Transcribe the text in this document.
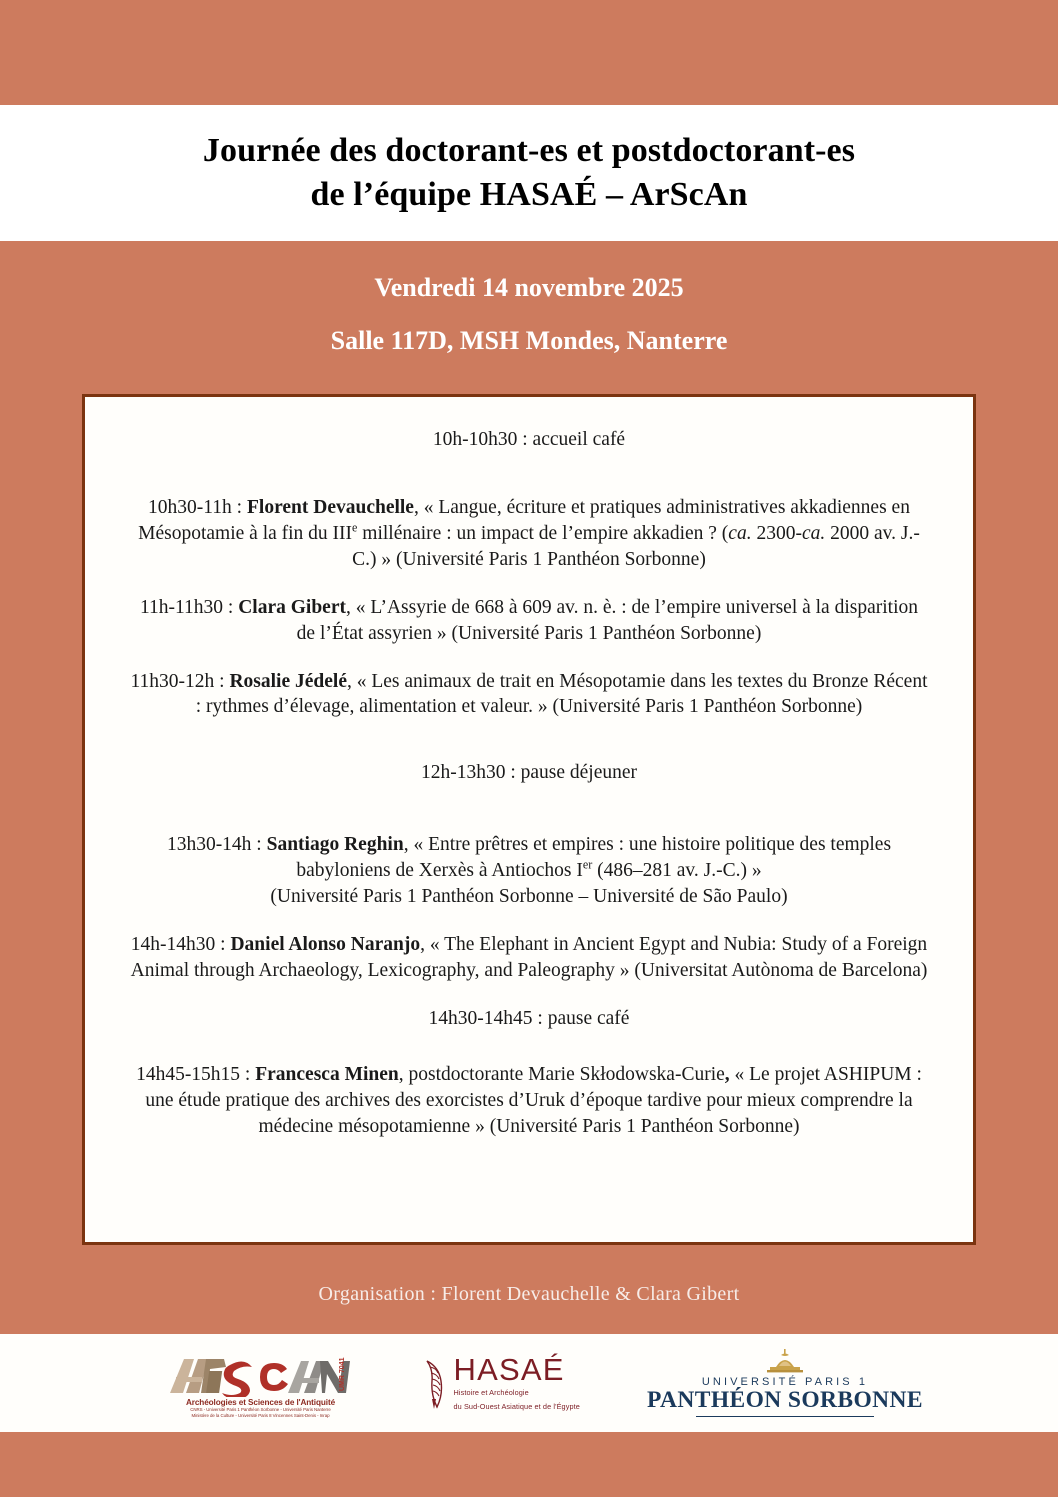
Journée des doctorant-es et postdoctorant-es
de l’équipe HASAÉ – ArScAn
Vendredi 14 novembre 2025
Salle 117D, MSH Mondes, Nanterre

10h-10h30 : accueil café

10h30-11h : Florent Devauchelle, « Langue, écriture et pratiques administratives akkadiennes en Mésopotamie à la fin du IIIe millénaire : un impact de l’empire akkadien ? (ca. 2300-ca. 2000 av. J.-C.) » (Université Paris 1 Panthéon Sorbonne)

11h-11h30 : Clara Gibert, « L’Assyrie de 668 à 609 av. n. è. : de l’empire universel à la disparition de l’État assyrien » (Université Paris 1 Panthéon Sorbonne)

11h30-12h : Rosalie Jédelé, « Les animaux de trait en Mésopotamie dans les textes du Bronze Récent : rythmes d’élevage, alimentation et valeur. » (Université Paris 1 Panthéon Sorbonne)

12h-13h30 : pause déjeuner

13h30-14h : Santiago Reghin, « Entre prêtres et empires : une histoire politique des temples babyloniens de Xerxès à Antiochos Ier (486–281 av. J.-C.) »
(Université Paris 1 Panthéon Sorbonne – Université de São Paulo)

14h-14h30 : Daniel Alonso Naranjo, « The Elephant in Ancient Egypt and Nubia: Study of a Foreign Animal through Archaeology, Lexicography, and Paleography » (Universitat Autònoma de Barcelona)

14h30-14h45 : pause café

14h45-15h15 : Francesca Minen, postdoctorante Marie Skłodowska-Curie, « Le projet ASHIPUM : une étude pratique des archives des exorcistes d’Uruk d’époque tardive pour mieux comprendre la médecine mésopotamienne » (Université Paris 1 Panthéon Sorbonne)

Organisation : Florent Devauchelle & Clara Gibert
UMR 7041
Archéologies et Sciences de l'Antiquité
CNRS - Université Paris 1 Panthéon Sorbonne - Université Paris Nanterre
Ministère de la Culture - Université Paris 8 Vincennes Saint-Denis - Inrap
HASAÉ
Histoire et Archéologie
du Sud-Ouest Asiatique et de l'Égypte
UNIVERSITÉ PARIS 1
PANTHÉON SORBONNE
